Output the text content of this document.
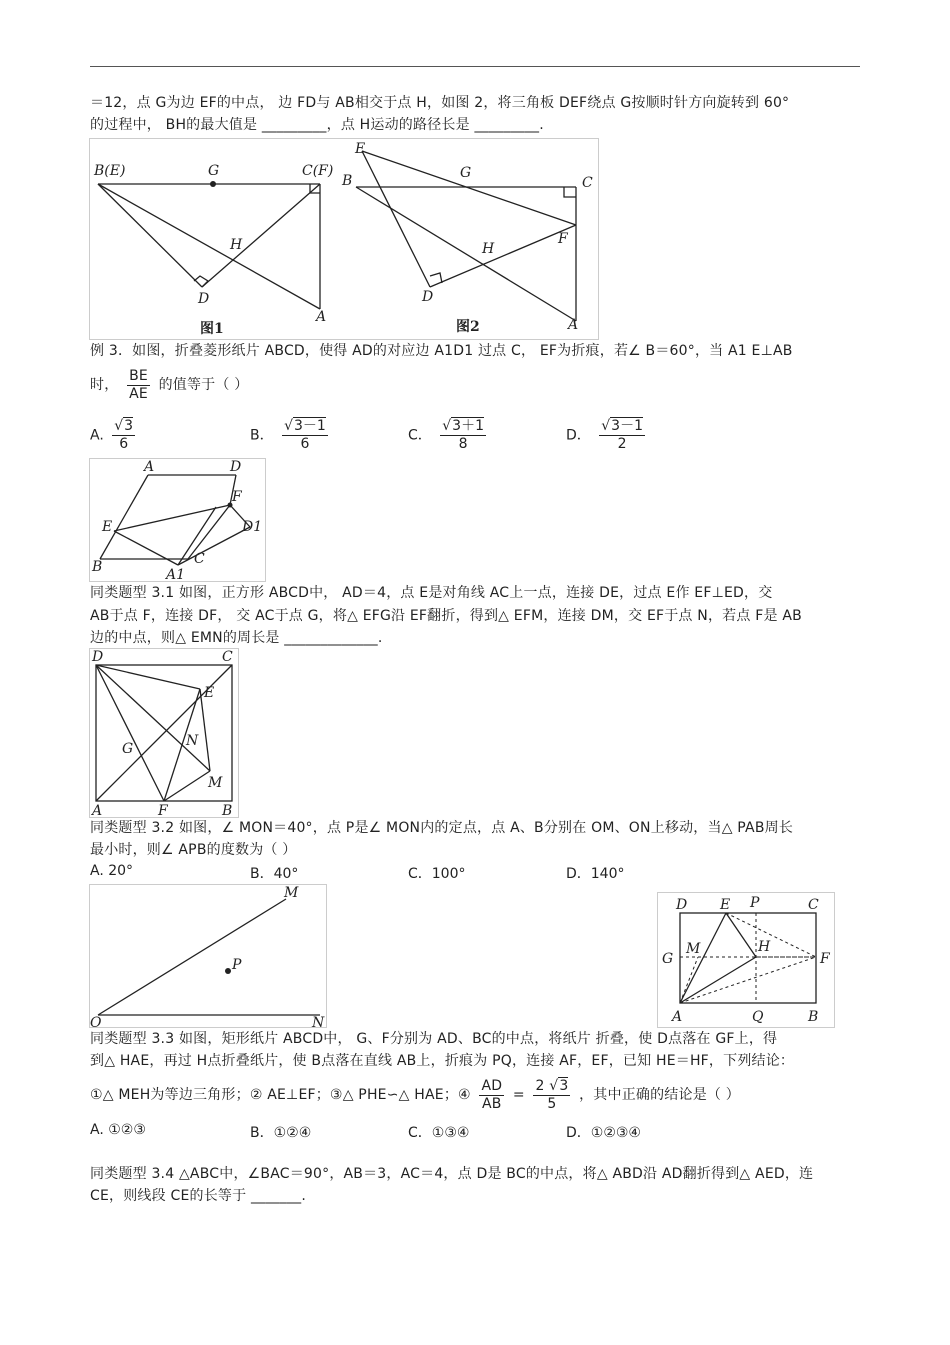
＝12，点 G为边 EF的中点， 边 FD与 AB相交于点 H，如图 2，将三角板 DEF绕点 G按顺时针方向旋转到 60°
的过程中， BH的最大值是 _________，点 H运动的路径长是 _________.
B(E)	G	C(F)
H
D
A
图1
E
B	G
C
F
H
D
A
图2
例 3．如图，折叠菱形纸片 ABCD，使得 AD的对应边 A1D1 过点 C， EF为折痕，若∠ B＝60°，当 A1 E⊥AB
时， $\frac{BE}{AE}$ 的值等于（ ）
A. $\frac{√3}{6}$	B． $\frac{√3-1}{6}$	C． $\frac{√3+1}{8}$	D． $\frac{√3-1}{2}$
A	D
F
E	D1
B	C
A1
同类题型 3.1 如图，正方形 ABCD中， AD＝4，点 E是对角线 AC上一点，连接 DE，过点 E作 EF⊥ED，交
AB于点 F，连接 DF， 交 AC于点 G，将△ EFG沿 EF翻折，得到△ EFM，连接 DM，交 EF于点 N，若点 F是 AB
边的中点，则△ EMN的周长是 _____________.
D	C
E
G	N
M
A	F	B
同类题型 3.2 如图，∠ MON＝40°，点 P是∠ MON内的定点，点 A、B分别在 OM、ON上移动，当△ PAB周长
最小时，则∠ APB的度数为（ ）
A. 20°	B．40°	C．100°	D．140°
M
P
O	N
D E P	C
G
M	H
F
A	Q	B
同类题型 3.3 如图，矩形纸片 ABCD中， G、F分别为 AD、BC的中点，将纸片 折叠，使 D点落在 GF上，得
到△ HAE，再过 H点折叠纸片，使 B点落在直线 AB上，折痕为 PQ，连接 AF，EF，已知 HE＝HF，下列结论：
①△ MEH为等边三角形；② AE⊥EF；③△ PHE∽△ HAE；④ $\frac{AD}{AB} = \frac{2 √3}{5}$ ，其中正确的结论是（ ）
A. ①②③	B．①②④	C．①③④	D．①②③④
同类题型 3.4 △ABC中，∠BAC＝90°，AB＝3，AC＝4，点 D是 BC的中点，将△ ABD沿 AD翻折得到△ AED，连
CE，则线段 CE的长等于 _______.
